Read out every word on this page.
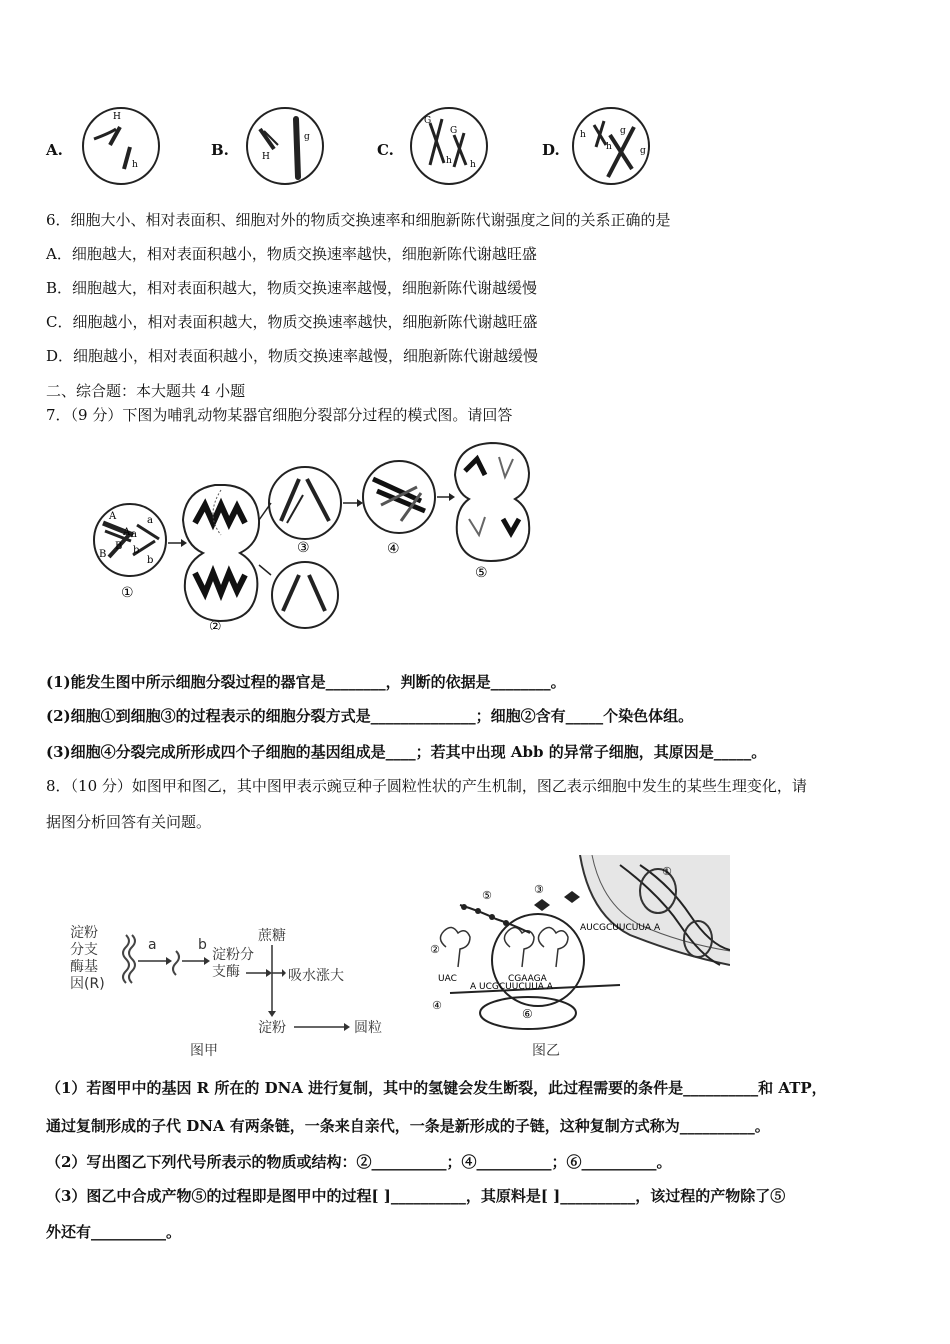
A.
H
h
B.	H
g
C.
G
G
h h
D.
h
h
g
g
6．细胞大小、相对表面积、细胞对外的物质交换速率和细胞新陈代谢强度之间的关系正确的是
A．细胞越大，相对表面积越小，物质交换速率越快，细胞新陈代谢越旺盛
B．细胞越大，相对表面积越大，物质交换速率越慢，细胞新陈代谢越缓慢
C．细胞越小，相对表面积越大，物质交换速率越快，细胞新陈代谢越旺盛
D．细胞越小，相对表面积越小，物质交换速率越慢，细胞新陈代谢越缓慢
二、综合题：本大题共 4 小题
7．（9 分）下图为哺乳动物某器官细胞分裂部分过程的模式图。请回答
A
A a
a
B
B b
b
①
②
③	④
⑤
(1)能发生图中所示细胞分裂过程的器官是________，判断的依据是________。
(2)细胞①到细胞③的过程表示的细胞分裂方式是______________；细胞②含有_____个染色体组。
(3)细胞④分裂完成所形成四个子细胞的基因组成是____；若其中出现 Abb 的异常子细胞，其原因是_____。
8．（10 分）如图甲和图乙，其中图甲表示豌豆种子圆粒性状的产生机制，图乙表示细胞中发生的某些生理变化，请
据图分析回答有关问题。
淀粉
分支
酶基
因(R)
a	b
淀粉分
支酶
蔗糖
吸水涨大
淀粉	圆粒
图甲
①
AUCGCUUCUUA A
⑥
A UCGCUUCUUA A
④
②
UAC	CGAAGA
⑤	③
图乙
（1）若图甲中的基因 R 所在的 DNA 进行复制，其中的氢键会发生断裂，此过程需要的条件是__________和 ATP，
通过复制形成的子代 DNA 有两条链，一条来自亲代，一条是新形成的子链，这种复制方式称为__________。
（2）写出图乙下列代号所表示的物质或结构：②__________；④__________；⑥__________。
（3）图乙中合成产物⑤的过程即是图甲中的过程[ ]__________，其原料是[ ]__________，该过程的产物除了⑤
外还有__________。
